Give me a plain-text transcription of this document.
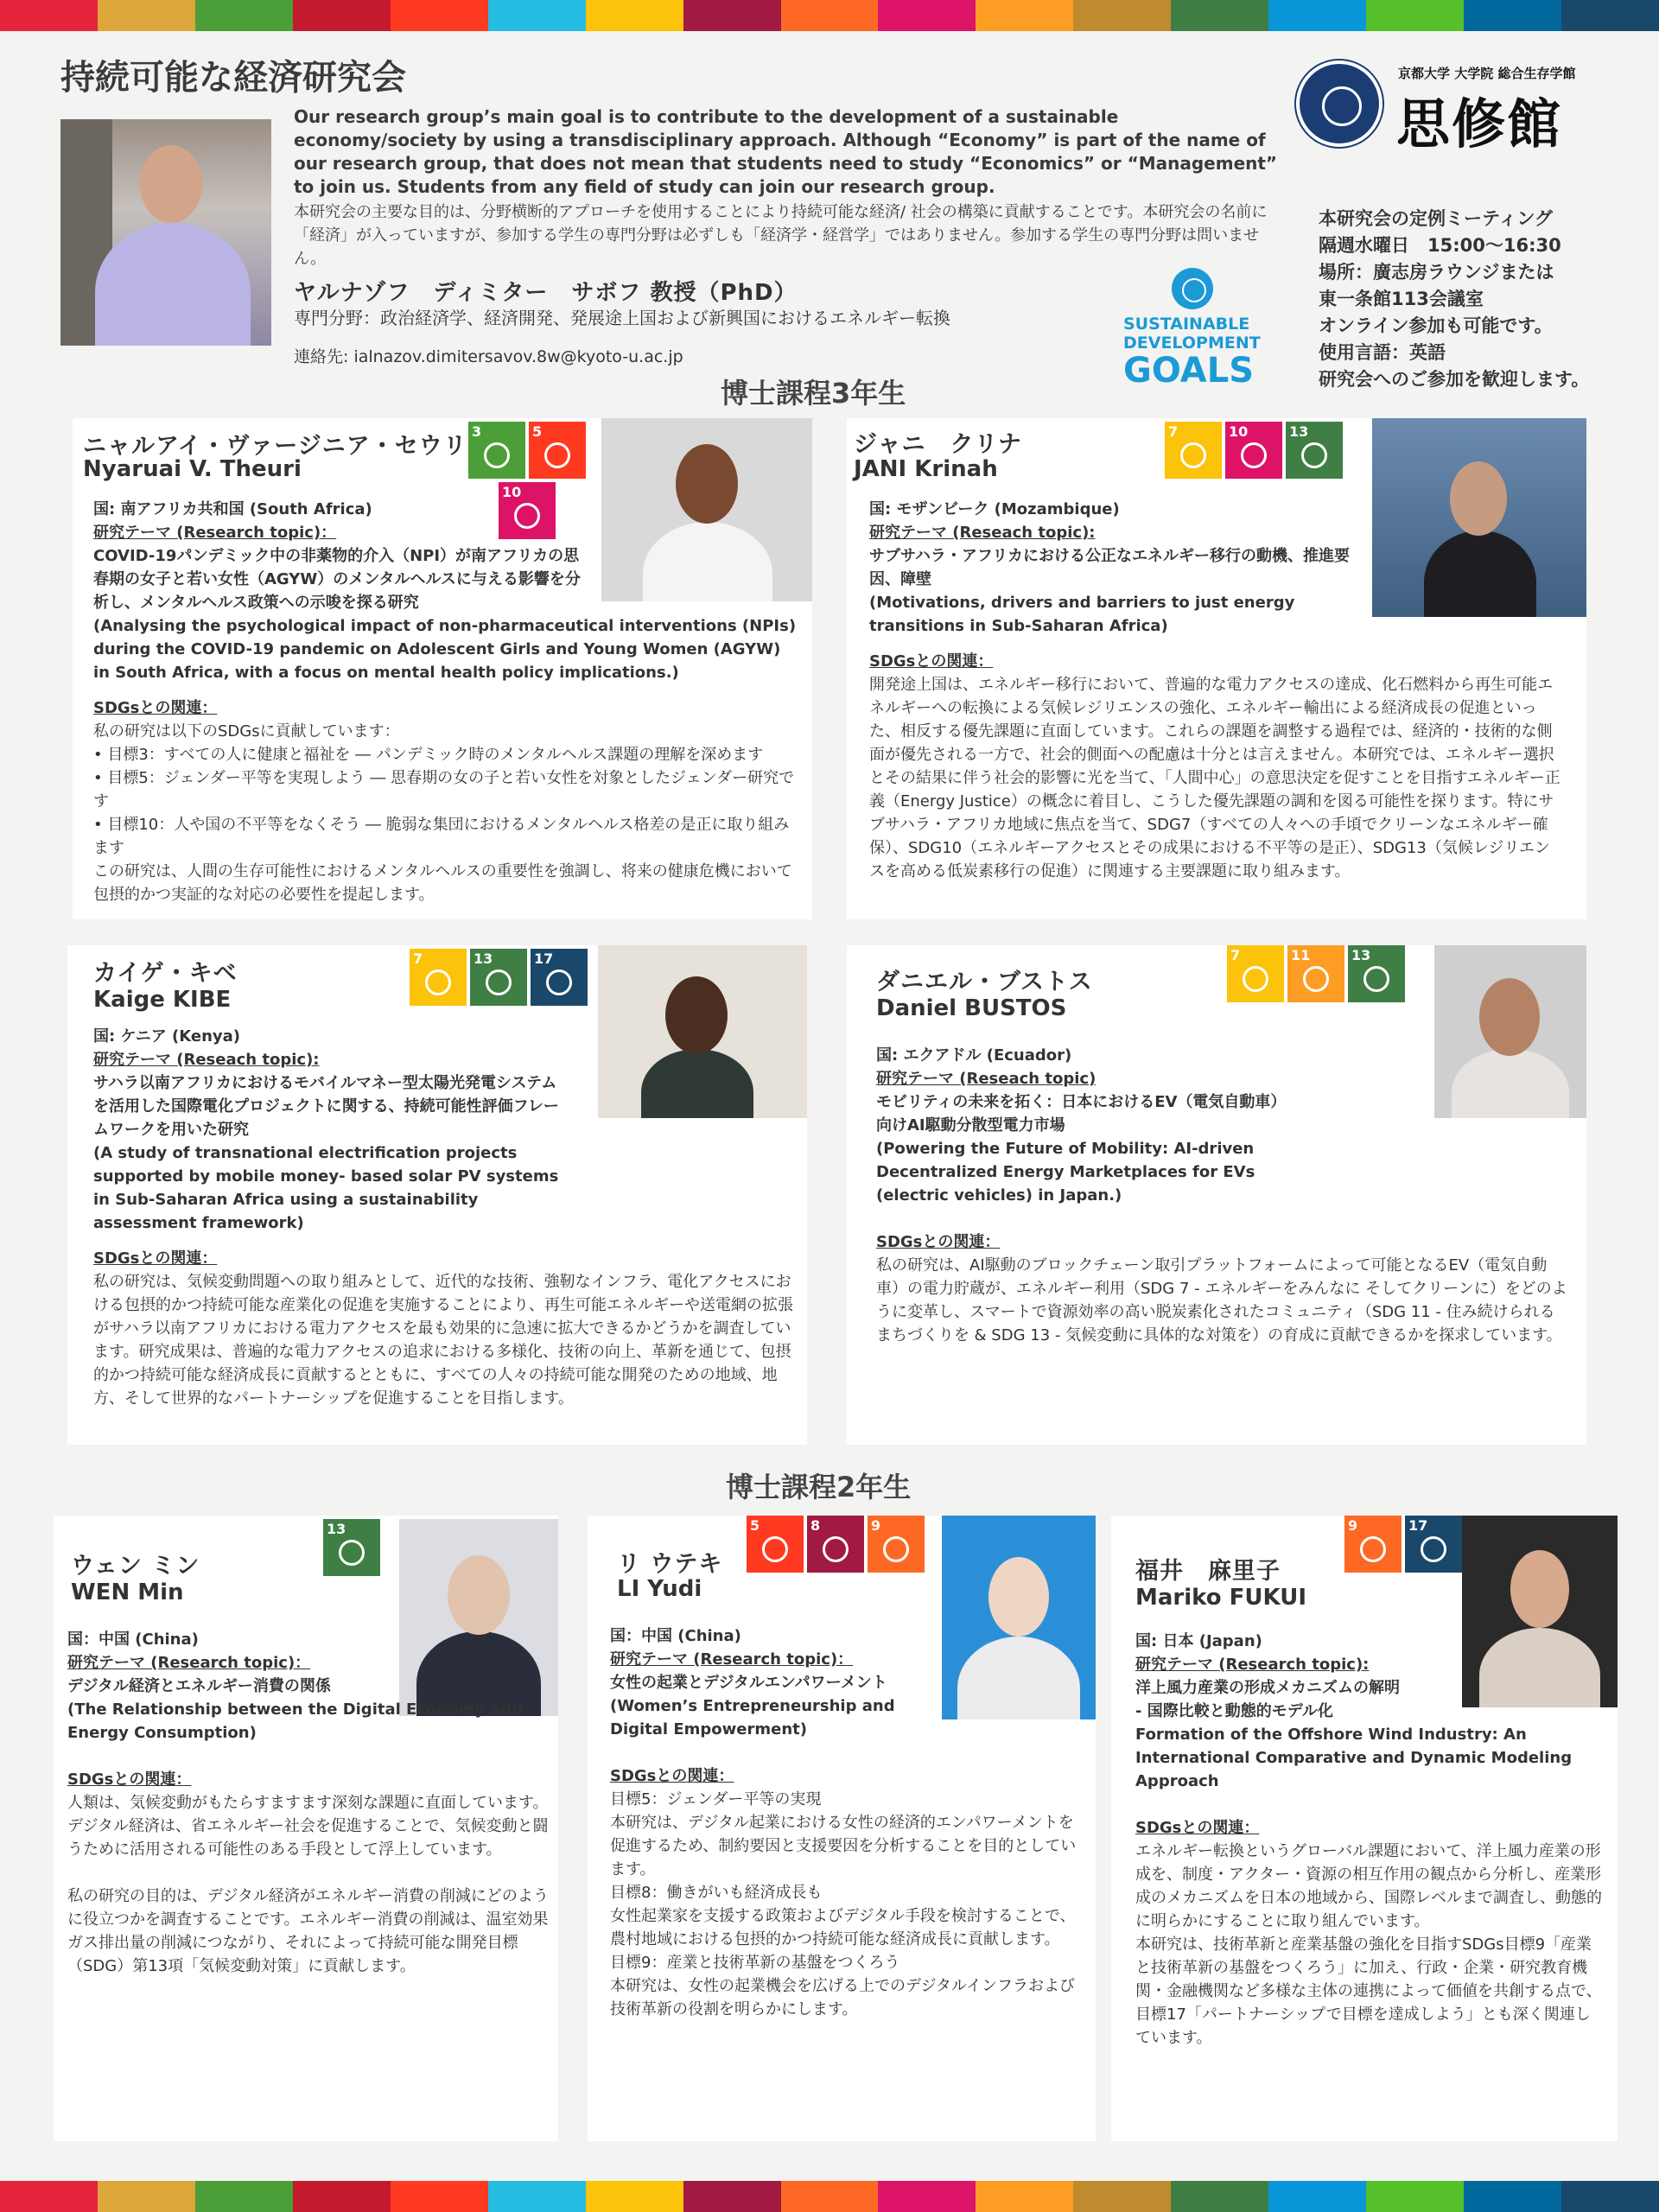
持続可能な経済研究会
Our research group’s main goal is to contribute to the development of a sustainable economy/society by using a transdisciplinary approach. Although “Economy” is part of the name of our research group, that does not mean that students need to study “Economics” or “Management” to join us. Students from any field of study can join our research group.
本研究会の主要な目的は、分野横断的アプローチを使用することにより持続可能な経済/ 社会の構築に貢献することです。本研究会の名前に「経済」が入っていますが、参加する学生の専門分野は必ずしも「経済学・経営学」ではありません。参加する学生の専門分野は問いません。
ヤルナゾフ　ディミター　サボフ 教授（PhD）
専門分野：政治経済学、経済開発、発展途上国および新興国におけるエネルギー転換
連絡先: ialnazov.dimitersavov.8w@kyoto-u.ac.jp
京都大学 大学院 総合生存学館
思修館
SUSTAINABLE
DEVELOPMENT
GOALS
本研究会の定例ミーティング
隔週水曜日　15:00～16:30
場所：廣志房ラウンジまたは
東一条館113会議室
オンライン参加も可能です。
使用言語：英語
研究会へのご参加を歓迎します。
博士課程3年生
博士課程2年生
ニャルアイ・ヴァージニア・セウリ
Nyaruai V. Theuri
3	5
10

国: 南アフリカ共和国 (South Africa)

研究テーマ (Research topic)：

COVID-19パンデミック中の非薬物的介入（NPI）が南アフリカの思春期の女子と若い女性（AGYW）のメンタルヘルスに与える影響を分析し、メンタルヘルス政策への示唆を探る研究

(Analysing the psychological impact of non-pharmaceutical interventions (NPIs) during the COVID-19 pandemic on Adolescent Girls and Young Women (AGYW) in South Africa, with a focus on mental health policy implications.)

SDGsとの関連：

私の研究は以下のSDGsに貢献しています：

• 目標3：すべての人に健康と福祉を ― パンデミック時のメンタルヘルス課題の理解を深めます

• 目標5：ジェンダー平等を実現しよう ― 思春期の女の子と若い女性を対象としたジェンダー研究です

• 目標10：人や国の不平等をなくそう ― 脆弱な集団におけるメンタルヘルス格差の是正に取り組みます

この研究は、人間の生存可能性におけるメンタルヘルスの重要性を強調し、将来の健康危機において包摂的かつ実証的な対応の必要性を提起します。

ジャニ　クリナ
JANI Krinah
7	10	13

国: モザンビーク (Mozambique)

研究テーマ (Reseach topic):

サブサハラ・アフリカにおける公正なエネルギー移行の動機、推進要因、障壁

(Motivations, drivers and barriers to just energy transitions in Sub-Saharan Africa)

SDGsとの関連：

開発途上国は、エネルギー移行において、普遍的な電力アクセスの達成、化石燃料から再生可能エネルギーへの転換による気候レジリエンスの強化、エネルギー輸出による経済成長の促進といった、相反する優先課題に直面しています。これらの課題を調整する過程では、経済的・技術的な側面が優先される一方で、社会的側面への配慮は十分とは言えません。本研究では、エネルギー選択とその結果に伴う社会的影響に光を当て、「人間中心」の意思決定を促すことを目指すエネルギー正義（Energy Justice）の概念に着目し、こうした優先課題の調和を図る可能性を探ります。特にサブサハラ・アフリカ地域に焦点を当て、SDG7（すべての人々への手頃でクリーンなエネルギー確保）、SDG10（エネルギーアクセスとその成果における不平等の是正）、SDG13（気候レジリエンスを高める低炭素移行の促進）に関連する主要課題に取り組みます。

カイゲ・キベ
Kaige KIBE
7	13	17

国: ケニア (Kenya)

研究テーマ (Reseach topic):

サハラ以南アフリカにおけるモバイルマネー型太陽光発電システムを活用した国際電化プロジェクトに関する、持続可能性評価フレームワークを用いた研究

(A study of transnational electrification projects supported by mobile money- based solar PV systems in Sub-Saharan Africa using a sustainability assessment framework)

SDGsとの関連：

私の研究は、気候変動問題への取り組みとして、近代的な技術、強靭なインフラ、電化アクセスにおける包摂的かつ持続可能な産業化の促進を実施することにより、再生可能エネルギーや送電網の拡張がサハラ以南アフリカにおける電力アクセスを最も効果的に急速に拡大できるかどうかを調査しています。研究成果は、普遍的な電力アクセスの追求における多様化、技術の向上、革新を通じて、包摂的かつ持続可能な経済成長に貢献するとともに、すべての人々の持続可能な開発のための地域、地方、そして世界的なパートナーシップを促進することを目指します。

ダニエル・ブストス
Daniel BUSTOS
7	11	13

国: エクアドル (Ecuador)

研究テーマ (Reseach topic)

モビリティの未来を拓く：日本におけるEV（電気自動車）向けAI駆動分散型電力市場

(Powering the Future of Mobility: AI-driven Decentralized Energy Marketplaces for EVs (electric vehicles) in Japan.)

SDGsとの関連：

私の研究は、AI駆動のブロックチェーン取引プラットフォームによって可能となるEV（電気自動車）の電力貯蔵が、エネルギー利用（SDG 7 - エネルギーをみんなに そしてクリーンに）をどのように変革し、スマートで資源効率の高い脱炭素化されたコミュニティ（SDG 11 - 住み続けられるまちづくりを & SDG 13 - 気候変動に具体的な対策を）の育成に貢献できるかを探求しています。

ウェン ミン
WEN Min
13

国：中国 (China)

研究テーマ (Research topic)：

デジタル経済とエネルギー消費の関係

(The Relationship between the Digital Economy and Energy Consumption)

SDGsとの関連：

人類は、気候変動がもたらすますます深刻な課題に直面しています。デジタル経済は、省エネルギー社会を促進することで、気候変動と闘うために活用される可能性のある手段として浮上しています。

私の研究の目的は、デジタル経済がエネルギー消費の削減にどのように役立つかを調査することです。エネルギー消費の削減は、温室効果ガス排出量の削減につながり、それによって持続可能な開発目標（SDG）第13項「気候変動対策」に貢献します。

リ ウテキ
LI Yudi
5	8	9

国：中国 (China)

研究テーマ (Research topic)：

女性の起業とデジタルエンパワーメント

(Women’s Entrepreneurship and Digital Empowerment)

SDGsとの関連：

目標5：ジェンダー平等の実現

本研究は、デジタル起業における女性の経済的エンパワーメントを促進するため、制約要因と支援要因を分析することを目的としています。

目標8：働きがいも経済成長も

女性起業家を支援する政策およびデジタル手段を検討することで、農村地域における包摂的かつ持続可能な経済成長に貢献します。

目標9：産業と技術革新の基盤をつくろう

本研究は、女性の起業機会を広げる上でのデジタルインフラおよび技術革新の役割を明らかにします。

福井　麻里子
Mariko FUKUI
9	17

国: 日本 (Japan)

研究テーマ (Research topic):

洋上風力産業の形成メカニズムの解明
- 国際比較と動態的モデル化

Formation of the Offshore Wind Industry: An International Comparative and Dynamic Modeling Approach

SDGsとの関連：

エネルギー転換というグローバル課題において、洋上風力産業の形成を、制度・アクター・資源の相互作用の観点から分析し、産業形成のメカニズムを日本の地域から、国際レベルまで調査し、動態的に明らかにすることに取り組んでいます。

本研究は、技術革新と産業基盤の強化を目指すSDGs目標9「産業と技術革新の基盤をつくろう」に加え、行政・企業・研究教育機関・金融機関など多様な主体の連携によって価値を共創する点で、目標17「パートナーシップで目標を達成しよう」とも深く関連しています。
